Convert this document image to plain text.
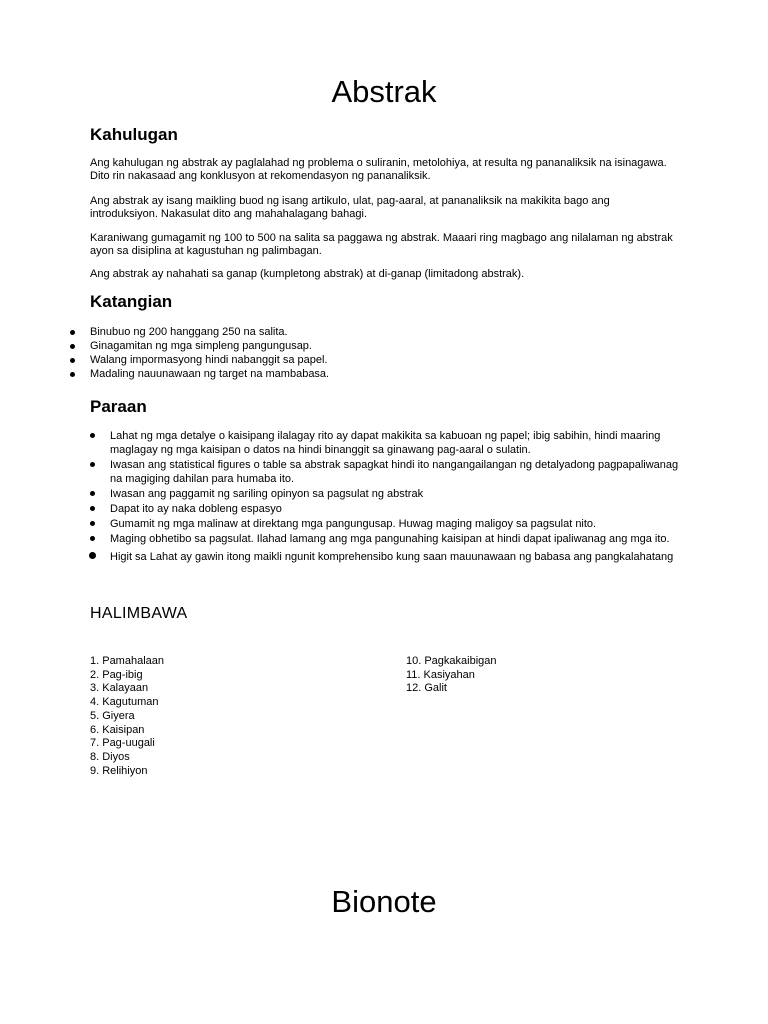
Abstrak
Kahulugan

Ang kahulugan ng abstrak ay paglalahad ng problema o suliranin, metolohiya, at resulta ng pananaliksik na isinagawa. Dito rin nakasaad ang konklusyon at rekomendasyon ng pananaliksik.

Ang abstrak ay isang maikling buod ng isang artikulo, ulat, pag-aaral, at pananaliksik na makikita bago ang introduksiyon. Nakasulat dito ang mahahalagang bahagi.

Karaniwang gumagamit ng 100 to 500 na salita sa paggawa ng abstrak. Maaari ring magbago ang nilalaman ng abstrak ayon sa disiplina at kagustuhan ng palimbagan.

Ang abstrak ay nahahati sa ganap (kumpletong abstrak) at di-ganap (limitadong abstrak).

Katangian
Binubuo ng 200 hanggang 250 na salita.
Ginagamitan ng mga simpleng pangungusap.
Walang impormasyong hindi nabanggit sa papel.
Madaling nauunawaan ng target na mambabasa.
Paraan
Lahat ng mga detalye o kaisipang ilalagay rito ay dapat makikita sa kabuoan ng papel; ibig sabihin, hindi maaring maglagay ng mga kaisipan o datos na hindi binanggit sa ginawang pag-aaral o sulatin.
Iwasan ang statistical figures o table sa abstrak sapagkat hindi ito nangangailangan ng detalyadong pagpapaliwanag na magiging dahilan para humaba ito.
Iwasan ang paggamit ng sariling opinyon sa pagsulat ng abstrak
Dapat ito ay naka dobleng espasyo
Gumamit ng mga malinaw at direktang mga pangungusap. Huwag maging maligoy sa pagsulat nito.
Maging obhetibo sa pagsulat. Ilahad lamang ang mga pangunahing kaisipan at hindi dapat ipaliwanag ang mga ito.
Higit sa Lahat ay gawin itong maikli ngunit komprehensibo kung saan mauunawaan ng babasa ang pangkalahatang
HALIMBAWA
1. Pamahalaan
2. Pag-ibig
3. Kalayaan
4. Kagutuman
5. Giyera
6. Kaisipan
7. Pag-uugali
8. Diyos
9. Relihiyon
10. Pagkakaibigan
11. Kasiyahan
12. Galit
Bionote
